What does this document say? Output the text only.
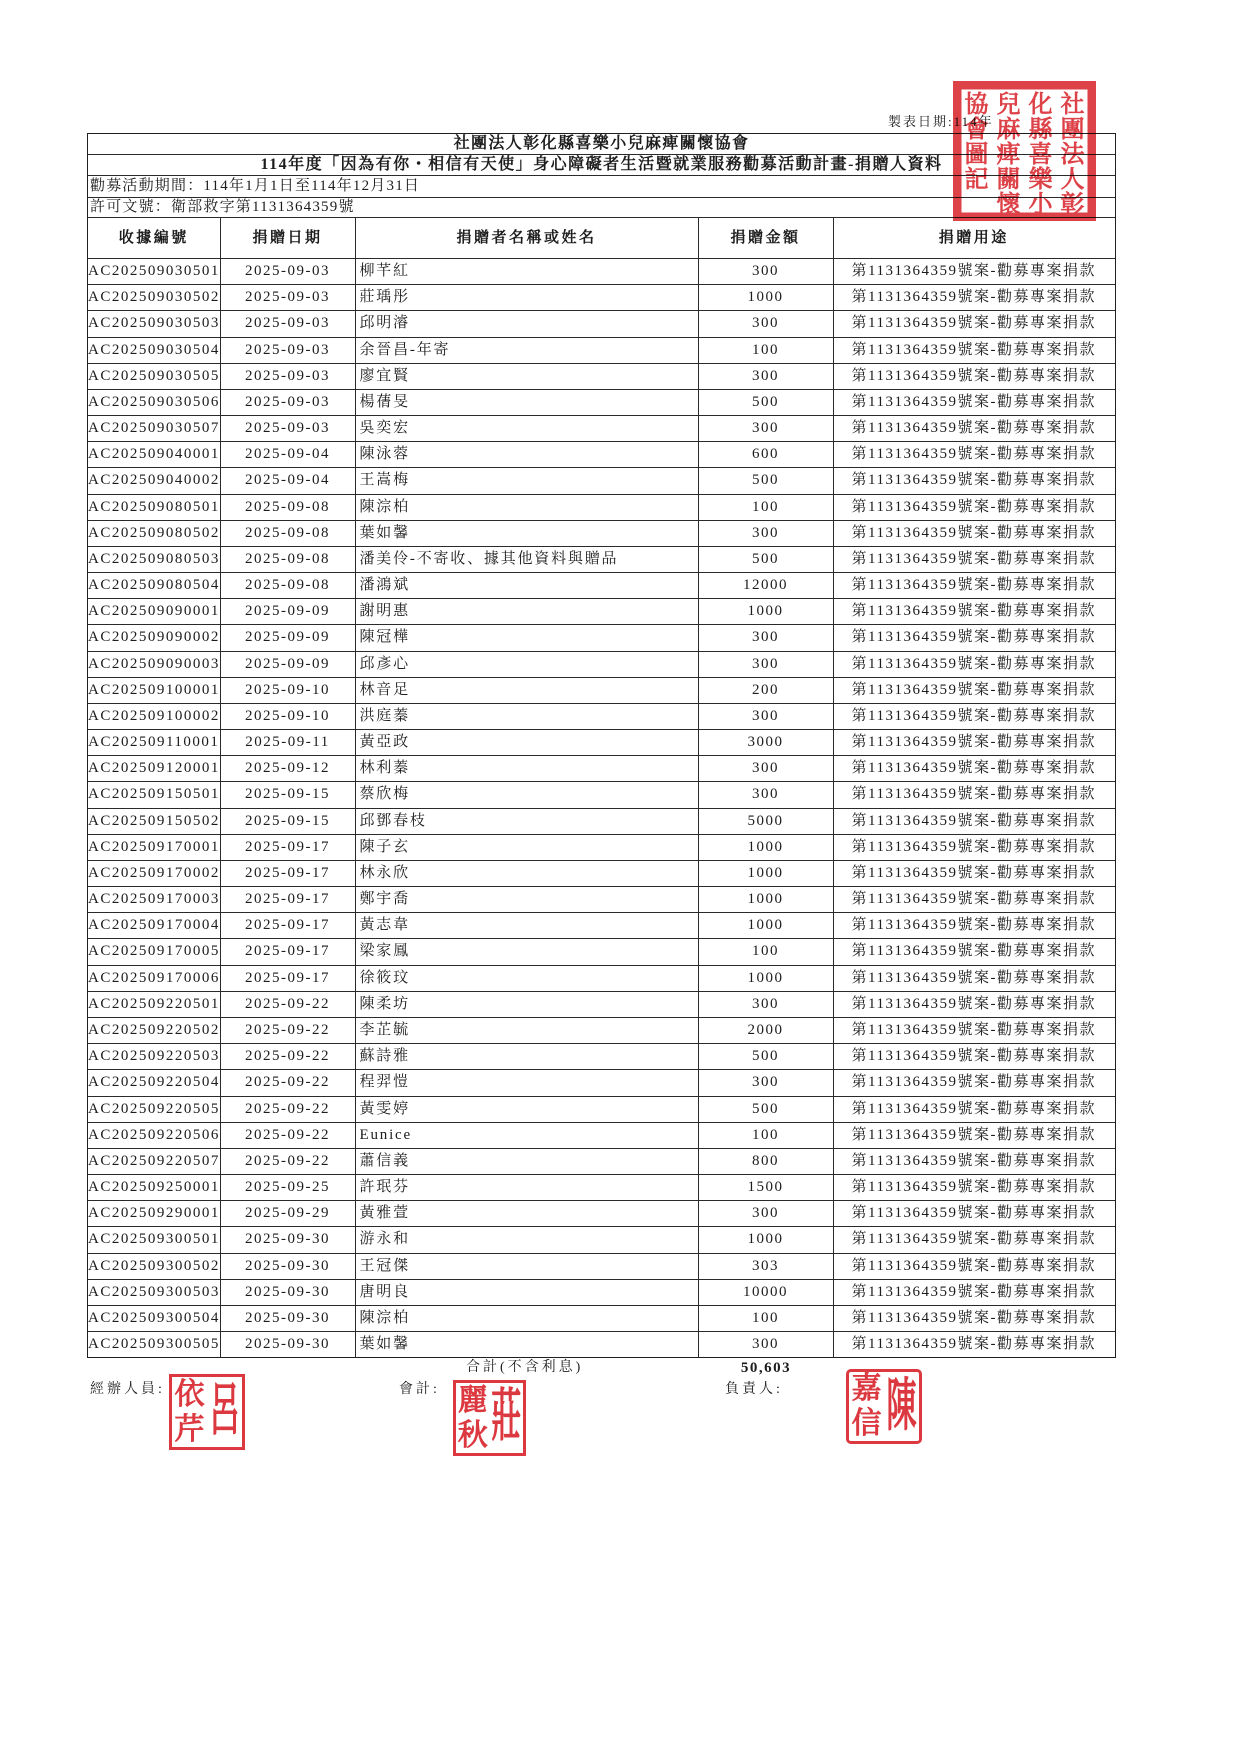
製表日期:114年
社團法人彰化縣喜樂小兒麻痺關懷協會
114年度「因為有你・相信有天使」身心障礙者生活暨就業服務勸募活動計畫-捐贈人資料
勸募活動期間：114年1月1日至114年12月31日
許可文號：衛部救字第1131364359號
收據編號	捐贈日期	捐贈者名稱或姓名	捐贈金額	捐贈用途
AC202509030501	2025-09-03	柳芊紅	300	第1131364359號案-勸募專案捐款
AC202509030502	2025-09-03	莊瑀彤	1000	第1131364359號案-勸募專案捐款
AC202509030503	2025-09-03	邱明濬	300	第1131364359號案-勸募專案捐款
AC202509030504	2025-09-03	余晉昌-年寄	100	第1131364359號案-勸募專案捐款
AC202509030505	2025-09-03	廖宜賢	300	第1131364359號案-勸募專案捐款
AC202509030506	2025-09-03	楊蒨旻	500	第1131364359號案-勸募專案捐款
AC202509030507	2025-09-03	吳奕宏	300	第1131364359號案-勸募專案捐款
AC202509040001	2025-09-04	陳泳蓉	600	第1131364359號案-勸募專案捐款
AC202509040002	2025-09-04	王嵩梅	500	第1131364359號案-勸募專案捐款
AC202509080501	2025-09-08	陳淙柏	100	第1131364359號案-勸募專案捐款
AC202509080502	2025-09-08	葉如馨	300	第1131364359號案-勸募專案捐款
AC202509080503	2025-09-08	潘美伶-不寄收、據其他資料與贈品	500	第1131364359號案-勸募專案捐款
AC202509080504	2025-09-08	潘鴻斌	12000	第1131364359號案-勸募專案捐款
AC202509090001	2025-09-09	謝明惠	1000	第1131364359號案-勸募專案捐款
AC202509090002	2025-09-09	陳冠樺	300	第1131364359號案-勸募專案捐款
AC202509090003	2025-09-09	邱彥心	300	第1131364359號案-勸募專案捐款
AC202509100001	2025-09-10	林音足	200	第1131364359號案-勸募專案捐款
AC202509100002	2025-09-10	洪庭蓁	300	第1131364359號案-勸募專案捐款
AC202509110001	2025-09-11	黃亞政	3000	第1131364359號案-勸募專案捐款
AC202509120001	2025-09-12	林利蓁	300	第1131364359號案-勸募專案捐款
AC202509150501	2025-09-15	蔡欣梅	300	第1131364359號案-勸募專案捐款
AC202509150502	2025-09-15	邱鄧春枝	5000	第1131364359號案-勸募專案捐款
AC202509170001	2025-09-17	陳子玄	1000	第1131364359號案-勸募專案捐款
AC202509170002	2025-09-17	林永欣	1000	第1131364359號案-勸募專案捐款
AC202509170003	2025-09-17	鄭宇喬	1000	第1131364359號案-勸募專案捐款
AC202509170004	2025-09-17	黃志韋	1000	第1131364359號案-勸募專案捐款
AC202509170005	2025-09-17	梁家鳳	100	第1131364359號案-勸募專案捐款
AC202509170006	2025-09-17	徐筱玟	1000	第1131364359號案-勸募專案捐款
AC202509220501	2025-09-22	陳柔坊	300	第1131364359號案-勸募專案捐款
AC202509220502	2025-09-22	李芷毓	2000	第1131364359號案-勸募專案捐款
AC202509220503	2025-09-22	蘇詩雅	500	第1131364359號案-勸募專案捐款
AC202509220504	2025-09-22	程羿愷	300	第1131364359號案-勸募專案捐款
AC202509220505	2025-09-22	黃雯婷	500	第1131364359號案-勸募專案捐款
AC202509220506	2025-09-22	Eunice	100	第1131364359號案-勸募專案捐款
AC202509220507	2025-09-22	蕭信義	800	第1131364359號案-勸募專案捐款
AC202509250001	2025-09-25	許珉芬	1500	第1131364359號案-勸募專案捐款
AC202509290001	2025-09-29	黃雅萱	300	第1131364359號案-勸募專案捐款
AC202509300501	2025-09-30	游永和	1000	第1131364359號案-勸募專案捐款
AC202509300502	2025-09-30	王冠傑	303	第1131364359號案-勸募專案捐款
AC202509300503	2025-09-30	唐明良	10000	第1131364359號案-勸募專案捐款
AC202509300504	2025-09-30	陳淙柏	100	第1131364359號案-勸募專案捐款
AC202509300505	2025-09-30	葉如馨	300	第1131364359號案-勸募專案捐款
合計(不含利息)	50,603
經辦人員:	會計:	負責人:
呂
依
芹	莊
麗
秋	陳
嘉
信
社團法人彰化縣喜樂小兒麻痺關懷協會圖記
